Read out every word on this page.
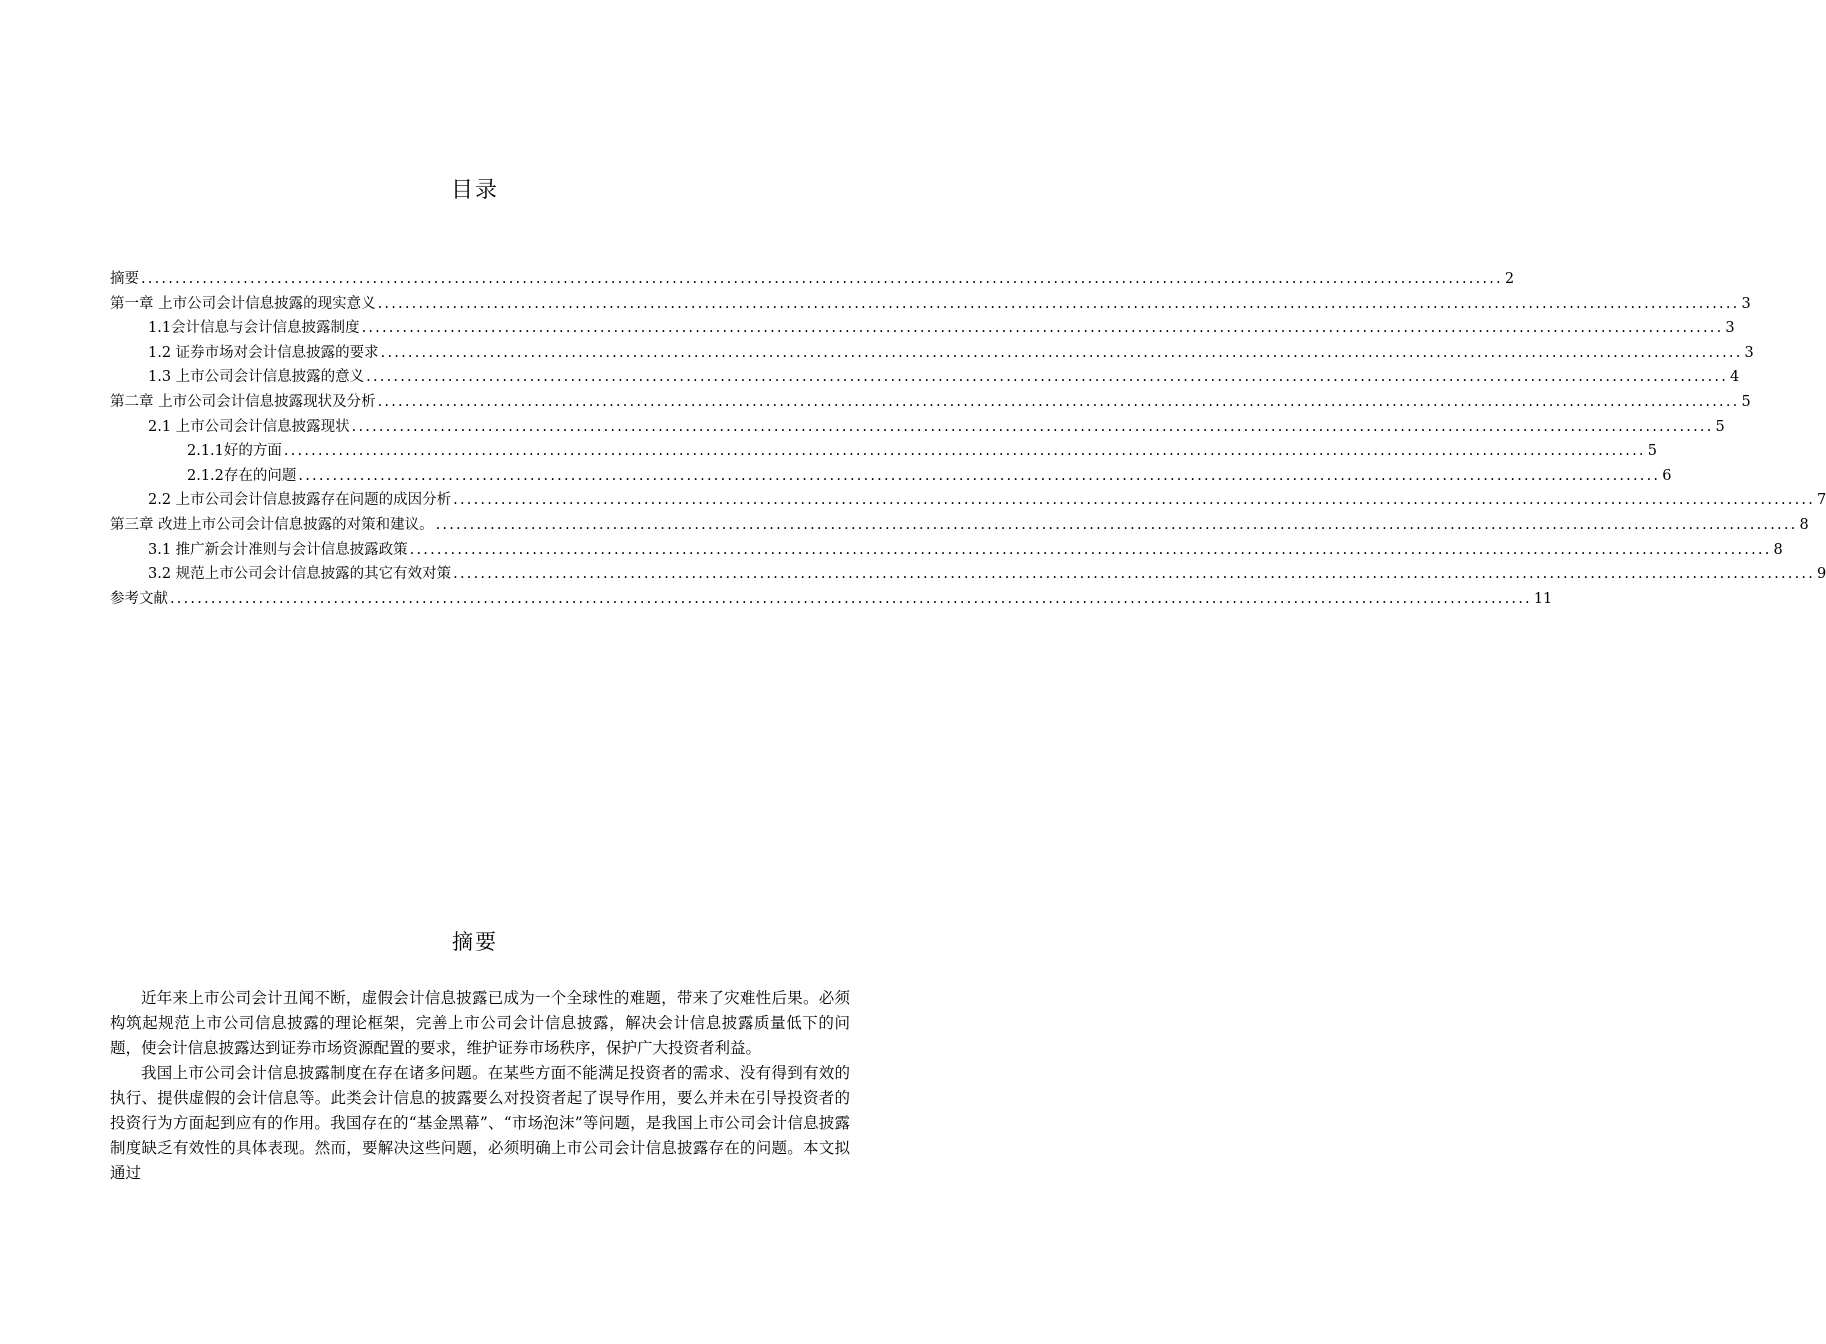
目录
摘要 ........................................................................................................................................................................................................ 2
第一章 上市公司会计信息披露的现实意义 ........................................................................................................................................................................................................ 3
1.1会计信息与会计信息披露制度 ........................................................................................................................................................................................................ 3
1.2 证券市场对会计信息披露的要求 ........................................................................................................................................................................................................ 3
1.3 上市公司会计信息披露的意义 ........................................................................................................................................................................................................ 4
第二章 上市公司会计信息披露现状及分析 ........................................................................................................................................................................................................ 5
2.1 上市公司会计信息披露现状 ........................................................................................................................................................................................................ 5
2.1.1好的方面 ........................................................................................................................................................................................................ 5
2.1.2存在的问题 ........................................................................................................................................................................................................ 6
2.2 上市公司会计信息披露存在问题的成因分析 ........................................................................................................................................................................................................ 7
第三章 改进上市公司会计信息披露的对策和建议。 ........................................................................................................................................................................................................ 8
3.1 推广新会计准则与会计信息披露政策 ........................................................................................................................................................................................................ 8
3.2 规范上市公司会计信息披露的其它有效对策 ........................................................................................................................................................................................................ 9
参考文献 ........................................................................................................................................................................................................ 11
摘要

近年来上市公司会计丑闻不断，虚假会计信息披露已成为一个全球性的难题，带来了灾难性后果。必须构筑起规范上市公司信息披露的理论框架，完善上市公司会计信息披露，解决会计信息披露质量低下的问题，使会计信息披露达到证券市场资源配置的要求，维护证券市场秩序，保护广大投资者利益。

我国上市公司会计信息披露制度在存在诸多问题。在某些方面不能满足投资者的需求、没有得到有效的执行、提供虚假的会计信息等。此类会计信息的披露要么对投资者起了误导作用，要么并未在引导投资者的投资行为方面起到应有的作用。我国存在的“基金黑幕”、“市场泡沫”等问题，是我国上市公司会计信息披露制度缺乏有效性的具体表现。然而，要解决这些问题，必须明确上市公司会计信息披露存在的问题。本文拟通过
